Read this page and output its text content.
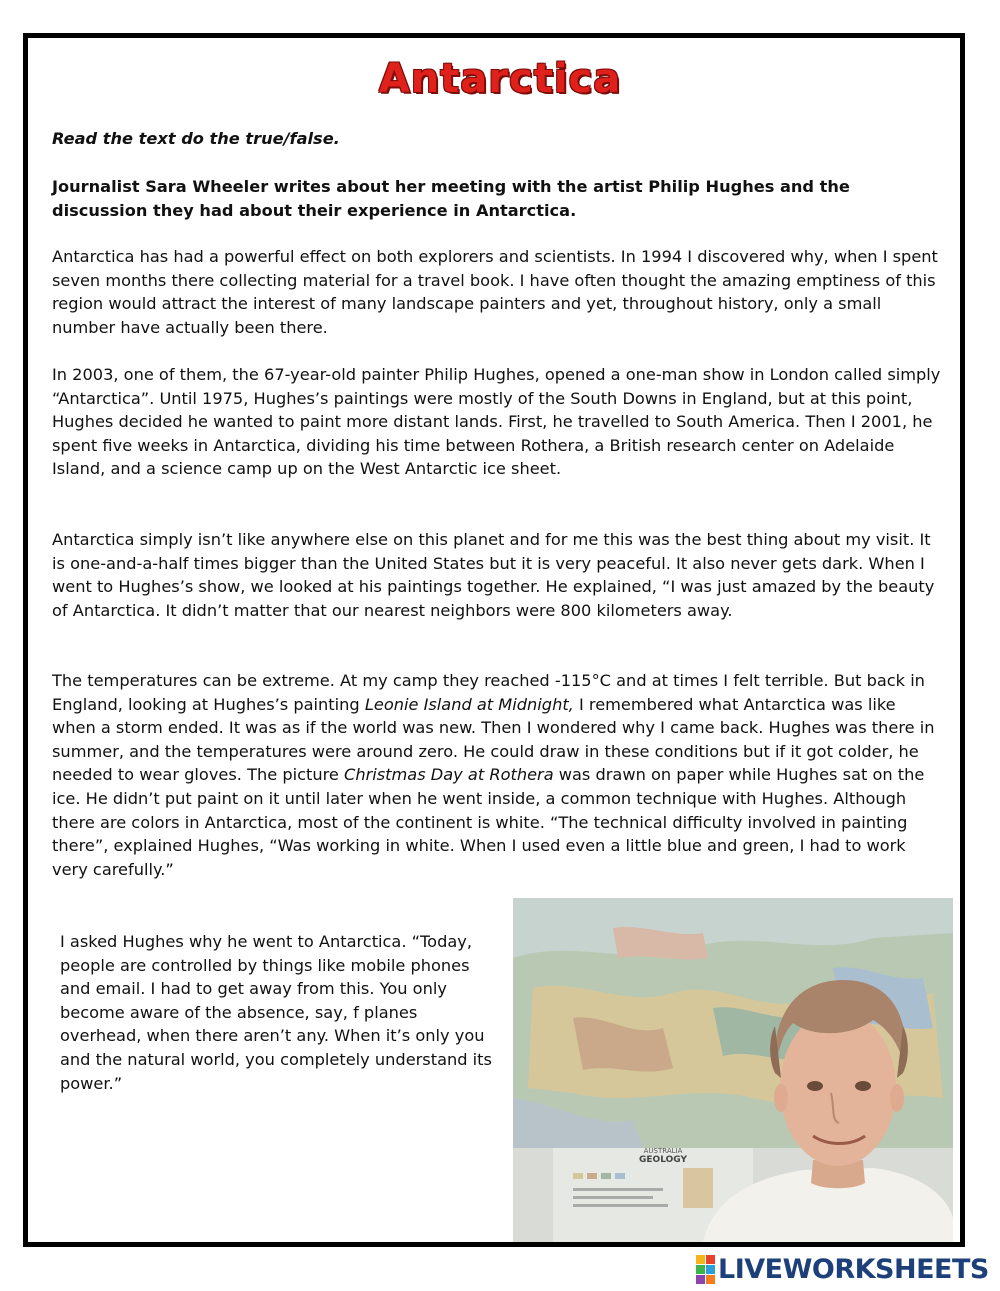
Antarctica

Read the text do the true/false.

Journalist Sara Wheeler writes about her meeting with the artist Philip Hughes and the discussion they had about their experience in Antarctica.

Antarctica has had a powerful effect on both explorers and scientists. In 1994 I discovered why, when I spent seven months there collecting material for a travel book. I have often thought the amazing emptiness of this region would attract the interest of many landscape painters and yet, throughout history, only a small number have actually been there.

In 2003, one of them, the 67-year-old painter Philip Hughes, opened a one-man show in London called simply “Antarctica”. Until 1975, Hughes’s paintings were mostly of the South Downs in England, but at this point, Hughes decided he wanted to paint more distant lands. First, he travelled to South America. Then I 2001, he spent five weeks in Antarctica, dividing his time between Rothera, a British research center on Adelaide Island, and a science camp up on the West Antarctic ice sheet.

Antarctica simply isn’t like anywhere else on this planet and for me this was the best thing about my visit. It is one-and-a-half times bigger than the United States but it is very peaceful. It also never gets dark. When I went to Hughes’s show, we looked at his paintings together. He explained, “I was just amazed by the beauty of Antarctica. It didn’t matter that our nearest neighbors were 800 kilometers away.

The temperatures can be extreme. At my camp they reached -115°C and at times I felt terrible. But back in England, looking at Hughes’s painting Leonie Island at Midnight, I remembered what Antarctica was like when a storm ended. It was as if the world was new. Then I wondered why I came back. Hughes was there in summer, and the temperatures were around zero. He could draw in these conditions but if it got colder, he needed to wear gloves. The picture Christmas Day at Rothera was drawn on paper while Hughes sat on the ice. He didn’t put paint on it until later when he went inside, a common technique with Hughes. Although there are colors in Antarctica, most of the continent is white. “The technical difficulty involved in painting there”, explained Hughes, “Was working in white. When I used even a little blue and green, I had to work very carefully.”

I asked Hughes why he went to Antarctica. “Today, people are controlled by things like mobile phones and email. I had to get away from this. You only become aware of the absence, say, f planes overhead, when there aren’t any. When it’s only you and the natural world, you completely understand its power.”

AUSTRALIA
GEOLOGY
LIVEWORKSHEETS
